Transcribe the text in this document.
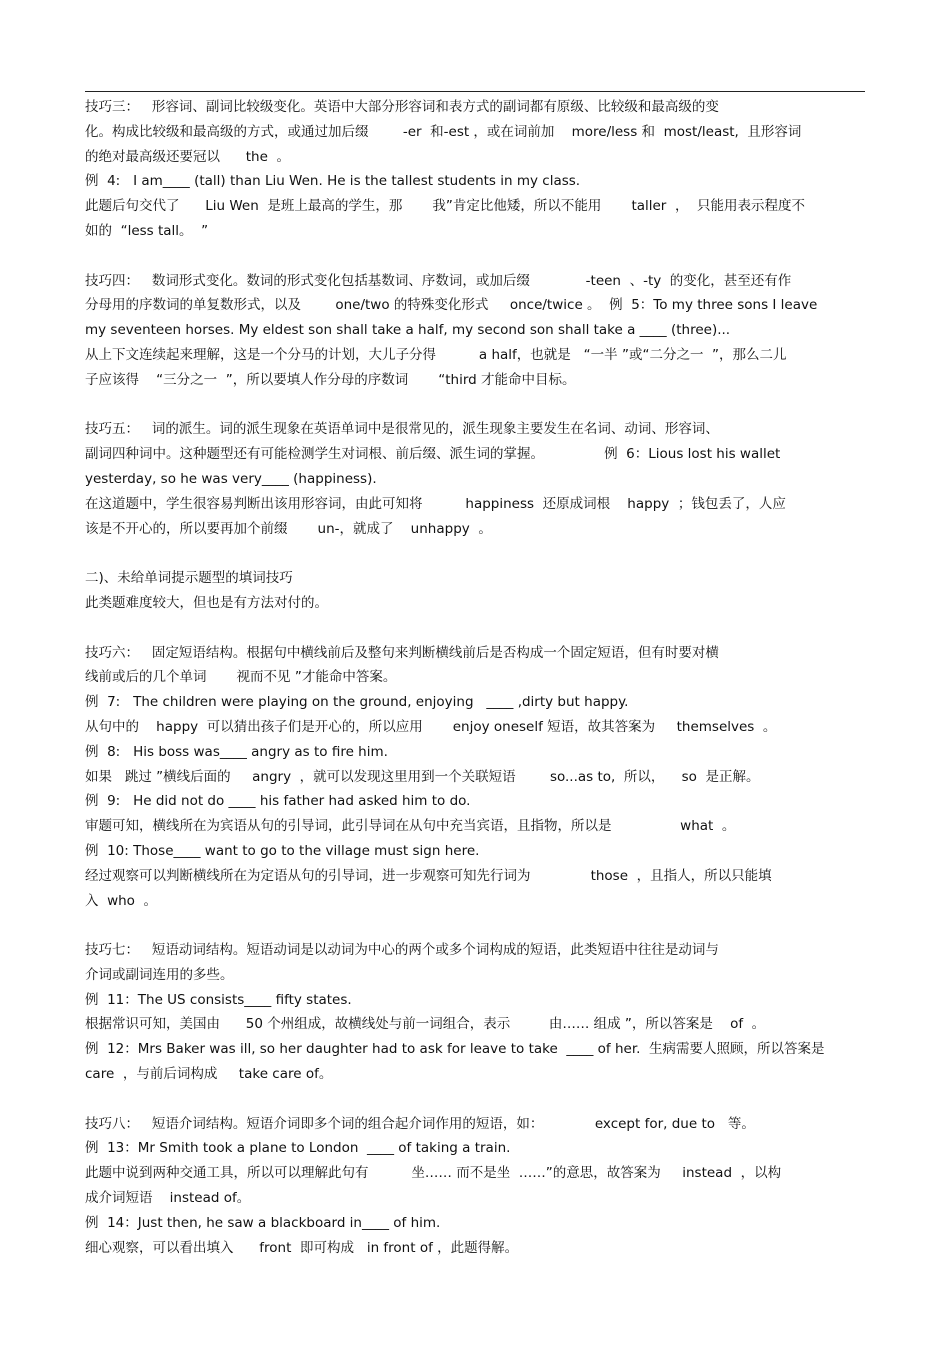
技巧三：   形容词、副词比较级变化。英语中大部分形容词和表方式的副词都有原级、比较级和最高级的变
化。构成比较级和最高级的方式，或通过加后缀        -er  和-est ，或在词前加    more/less 和  most/least,  且形容词
的绝对最高级还要冠以      the  。
例  4:   I am____ (tall) than Liu Wen. He is the tallest students in my class.
此题后句交代了      Liu Wen  是班上最高的学生，那       我”肯定比他矮，所以不能用       taller  ，  只能用表示程度不
如的  “less tall。  ”
技巧四：   数词形式变化。数词的形式变化包括基数词、序数词，或加后缀             -teen  、-ty  的变化，甚至还有作
分母用的序数词的单复数形式，以及        one/two 的特殊变化形式     once/twice 。  例  5：To my three sons I leave
my seventeen horses. My eldest son shall take a half, my second son shall take a ____ (three)...
从上下文连续起来理解，这是一个分马的计划，大儿子分得          a half，也就是   “一半 ”或“二分之一  ”，那么二儿
子应该得    “三分之一  ”，所以要填人作分母的序数词       “third 才能命中目标。
技巧五：   词的派生。词的派生现象在英语单词中是很常见的，派生现象主要发生在名词、动词、形容词、
副词四种词中。这种题型还有可能检测学生对词根、前后缀、派生词的掌握。              例  6：Lious lost his wallet
yesterday, so he was very____ (happiness).
在这道题中，学生很容易判断出该用形容词，由此可知将          happiness  还原成词根    happy  ；钱包丢了，人应
该是不开心的，所以要再加个前缀       un-，就成了    unhappy  。
二)、未给单词提示题型的填词技巧
此类题难度较大，但也是有方法对付的。
技巧六：   固定短语结构。根据句中横线前后及整句来判断横线前后是否构成一个固定短语，但有时要对横
线前或后的几个单词       视而不见 ”才能命中答案。
例  7:   The children were playing on the ground, enjoying   ____ ,dirty but happy.
从句中的    happy  可以猜出孩子们是开心的，所以应用       enjoy oneself 短语，故其答案为     themselves  。
例  8:   His boss was____ angry as to fire him.
如果   跳过 ”横线后面的     angry  ，就可以发现这里用到一个关联短语        so...as to,  所以，    so  是正解。
例  9:   He did not do ____ his father had asked him to do.
审题可知，横线所在为宾语从句的引导词，此引导词在从句中充当宾语，且指物，所以是                what  。
例  10: Those____ want to go to the village must sign here.
经过观察可以判断横线所在为定语从句的引导词，进一步观察可知先行词为              those  ，且指人，所以只能填
入  who  。
技巧七：   短语动词结构。短语动词是以动词为中心的两个或多个词构成的短语，此类短语中往往是动词与
介词或副词连用的多些。
例  11：The US consists____ fifty states.
根据常识可知，美国由      50 个州组成，故横线处与前一词组合，表示         由…… 组成 ”，所以答案是    of  。
例  12：Mrs Baker was ill, so her daughter had to ask for leave to take  ____ of her.  生病需要人照顾，所以答案是
care  ，与前后词构成     take care of。
技巧八：   短语介词结构。短语介词即多个词的组合起介词作用的短语，如：            except for, due to   等。
例  13：Mr Smith took a plane to London  ____ of taking a train.
此题中说到两种交通工具，所以可以理解此句有          坐…… 而不是坐  ……”的意思，故答案为     instead  ，以构
成介词短语    instead of。
例  14：Just then, he saw a blackboard in____ of him.
细心观察，可以看出填入      front  即可构成   in front of ，此题得解。
